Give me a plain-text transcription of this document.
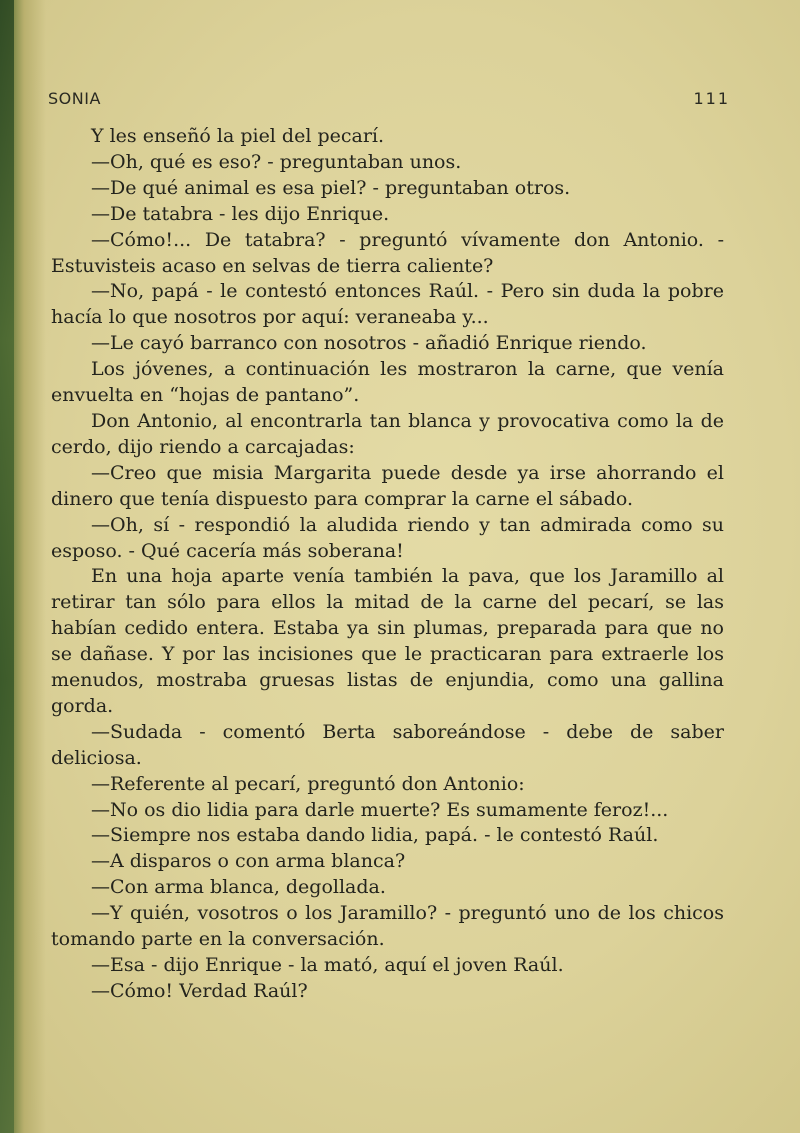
SONIA	111

Y les enseñó la piel del pecarí.

—Oh, qué es eso? - preguntaban unos.

—De qué animal es esa piel? - preguntaban otros.

—De tatabra - les dijo Enrique.

—Cómo!... De tatabra? - preguntó vívamente don Antonio. - Estuvisteis acaso en selvas de tierra caliente?

—No, papá - le contestó entonces Raúl. - Pero sin duda la pobre hacía lo que nosotros por aquí: veraneaba y...

—Le cayó barranco con nosotros - añadió Enrique riendo.

Los jóvenes, a continuación les mostraron la carne, que venía envuelta en “hojas de pantano”.

Don Antonio, al encontrarla tan blanca y provocativa como la de cerdo, dijo riendo a carcajadas:

—Creo que misia Margarita puede desde ya irse ahorrando el dinero que tenía dispuesto para comprar la carne el sábado.

—Oh, sí - respondió la aludida riendo y tan admirada como su esposo. - Qué cacería más soberana!

En una hoja aparte venía también la pava, que los Jaramillo al retirar tan sólo para ellos la mitad de la carne del pecarí, se las habían cedido entera. Estaba ya sin plumas, preparada para que no se dañase. Y por las incisiones que le practicaran para extraerle los menudos, mostraba gruesas listas de enjundia, como una gallina gorda.

—Sudada - comentó Berta saboreándose - debe de saber deliciosa.

—Referente al pecarí, preguntó don Antonio:

—No os dio lidia para darle muerte? Es sumamente feroz!...

—Siempre nos estaba dando lidia, papá. - le contestó Raúl.

—A disparos o con arma blanca?

—Con arma blanca, degollada.

—Y quién, vosotros o los Jaramillo? - preguntó uno de los chicos tomando parte en la conversación.

—Esa - dijo Enrique - la mató, aquí el joven Raúl.

—Cómo! Verdad Raúl?
